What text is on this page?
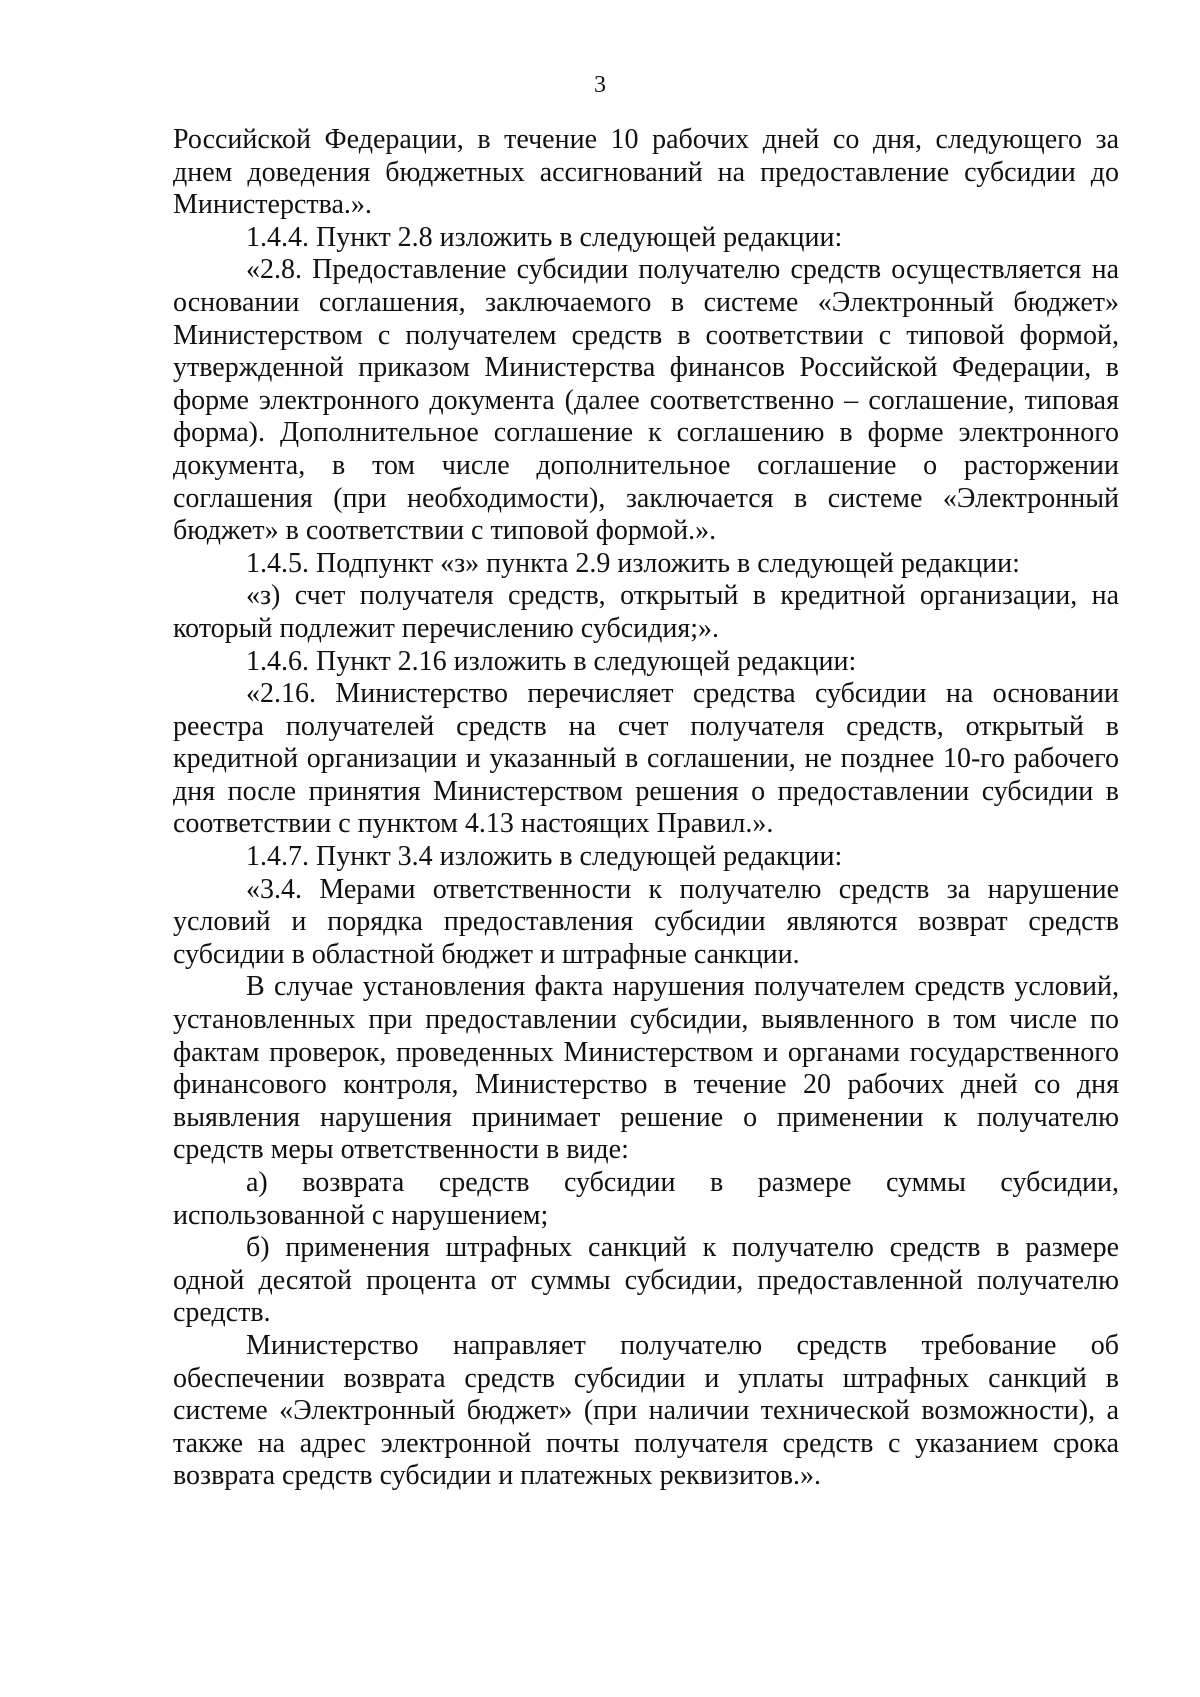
3

Российской Федерации, в течение 10 рабочих дней со дня, следующего за днем доведения бюджетных ассигнований на предоставление субсидии до Министерства.».

1.4.4. Пункт 2.8 изложить в следующей редакции:

«2.8. Предоставление субсидии получателю средств осуществляется на основании соглашения, заключаемого в системе «Электронный бюджет» Министерством с получателем средств в соответствии с типовой формой, утвержденной приказом Министерства финансов Российской Федерации, в форме электронного документа (далее соответственно – соглашение, типовая форма). Дополнительное соглашение к соглашению в форме электронного документа, в том числе дополнительное соглашение о расторжении соглашения (при необходимости), заключается в системе «Электронный бюджет» в соответствии с типовой формой.».

1.4.5. Подпункт «з» пункта 2.9 изложить в следующей редакции:

«з) счет получателя средств, открытый в кредитной организации, на который подлежит перечислению субсидия;».

1.4.6. Пункт 2.16 изложить в следующей редакции:

«2.16. Министерство перечисляет средства субсидии на основании реестра получателей средств на счет получателя средств, открытый в кредитной организации и указанный в соглашении, не позднее 10-го рабочего дня после принятия Министерством решения о предоставлении субсидии в соответствии с пунктом 4.13 настоящих Правил.».

1.4.7. Пункт 3.4 изложить в следующей редакции:

«3.4. Мерами ответственности к получателю средств за нарушение условий и порядка предоставления субсидии являются возврат средств субсидии в областной бюджет и штрафные санкции.

В случае установления факта нарушения получателем средств условий, установленных при предоставлении субсидии, выявленного в том числе по фактам проверок, проведенных Министерством и органами государственного финансового контроля, Министерство в течение 20 рабочих дней со дня выявления нарушения принимает решение о применении к получателю средств меры ответственности в виде:

а) возврата средств субсидии в размере суммы субсидии, использованной с нарушением;

б) применения штрафных санкций к получателю средств в размере одной десятой процента от суммы субсидии, предоставленной получателю средств.

Министерство направляет получателю средств требование об обеспечении возврата средств субсидии и уплаты штрафных санкций в системе «Электронный бюджет» (при наличии технической возможности), а также на адрес электронной почты получателя средств с указанием срока возврата средств субсидии и платежных реквизитов.».
